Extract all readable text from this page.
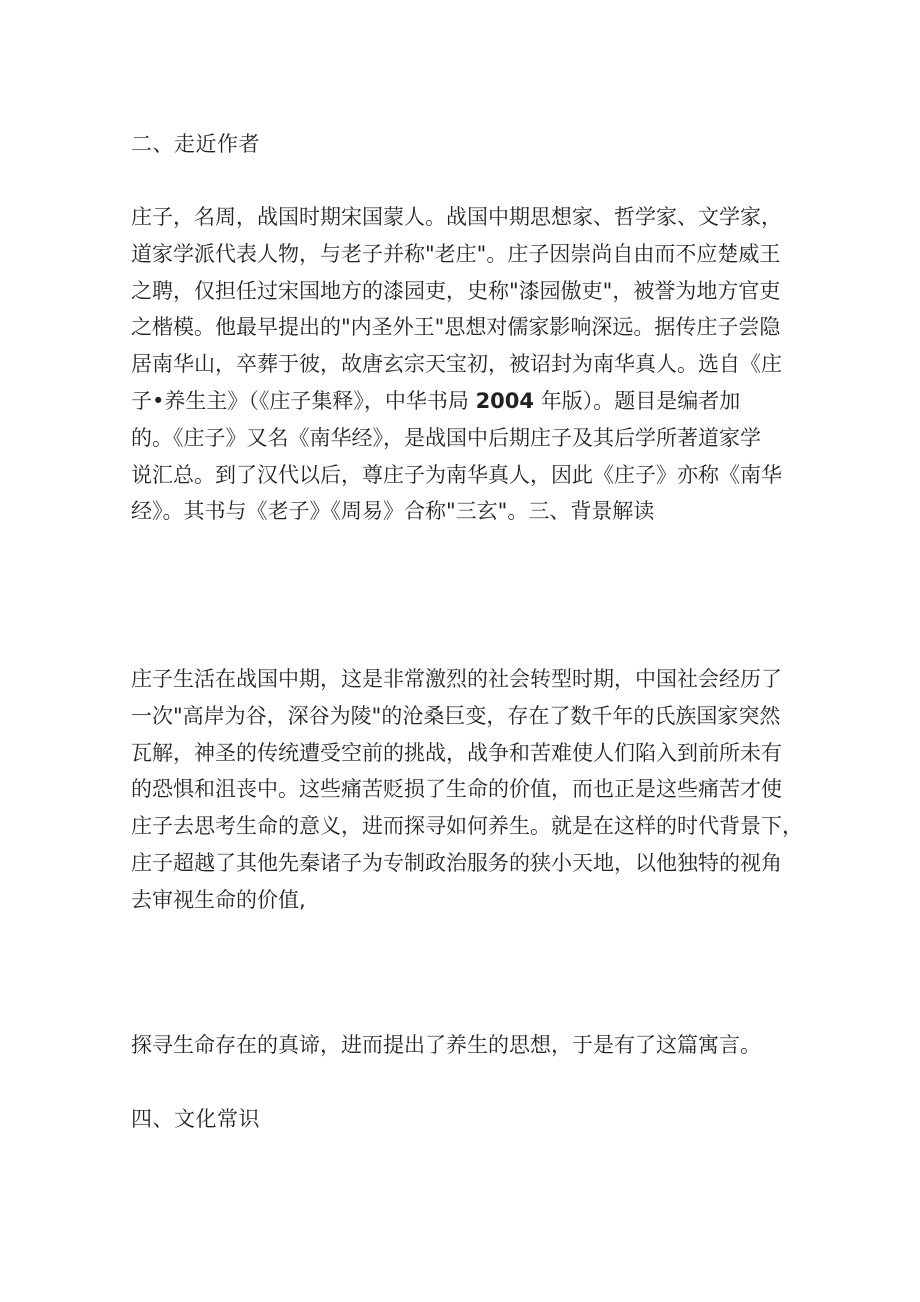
二、走近作者
庄子，名周，战国时期宋国蒙人。战国中期思想家、哲学家、文学家，
道家学派代表人物，与老子并称"老庄"。庄子因崇尚自由而不应楚威王
之聘，仅担任过宋国地方的漆园吏，史称"漆园傲吏"，被誉为地方官吏
之楷模。他最早提出的"内圣外王"思想对儒家影响深远。据传庄子尝隐
居南华山，卒葬于彼，故唐玄宗天宝初，被诏封为南华真人。选自《庄
子•养生主》（《庄子集释》，中华书局 2004 年版）。题目是编者加
的。《庄子》又名《南华经》，是战国中后期庄子及其后学所著道家学
说汇总。到了汉代以后，尊庄子为南华真人，因此《庄子》亦称《南华
经》。其书与《老子》《周易》合称"三玄"。三、背景解读
庄子生活在战国中期，这是非常激烈的社会转型时期，中国社会经历了
一次"高岸为谷，深谷为陵"的沧桑巨变，存在了数千年的氏族国家突然
瓦解，神圣的传统遭受空前的挑战，战争和苦难使人们陷入到前所未有
的恐惧和沮丧中。这些痛苦贬损了生命的价值，而也正是这些痛苦才使
庄子去思考生命的意义，进而探寻如何养生。就是在这样的时代背景下，
庄子超越了其他先秦诸子为专制政治服务的狭小天地，以他独特的视角
去审视生命的价值,

探寻生命存在的真谛，进而提出了养生的思想，于是有了这篇寓言。

四、文化常识
